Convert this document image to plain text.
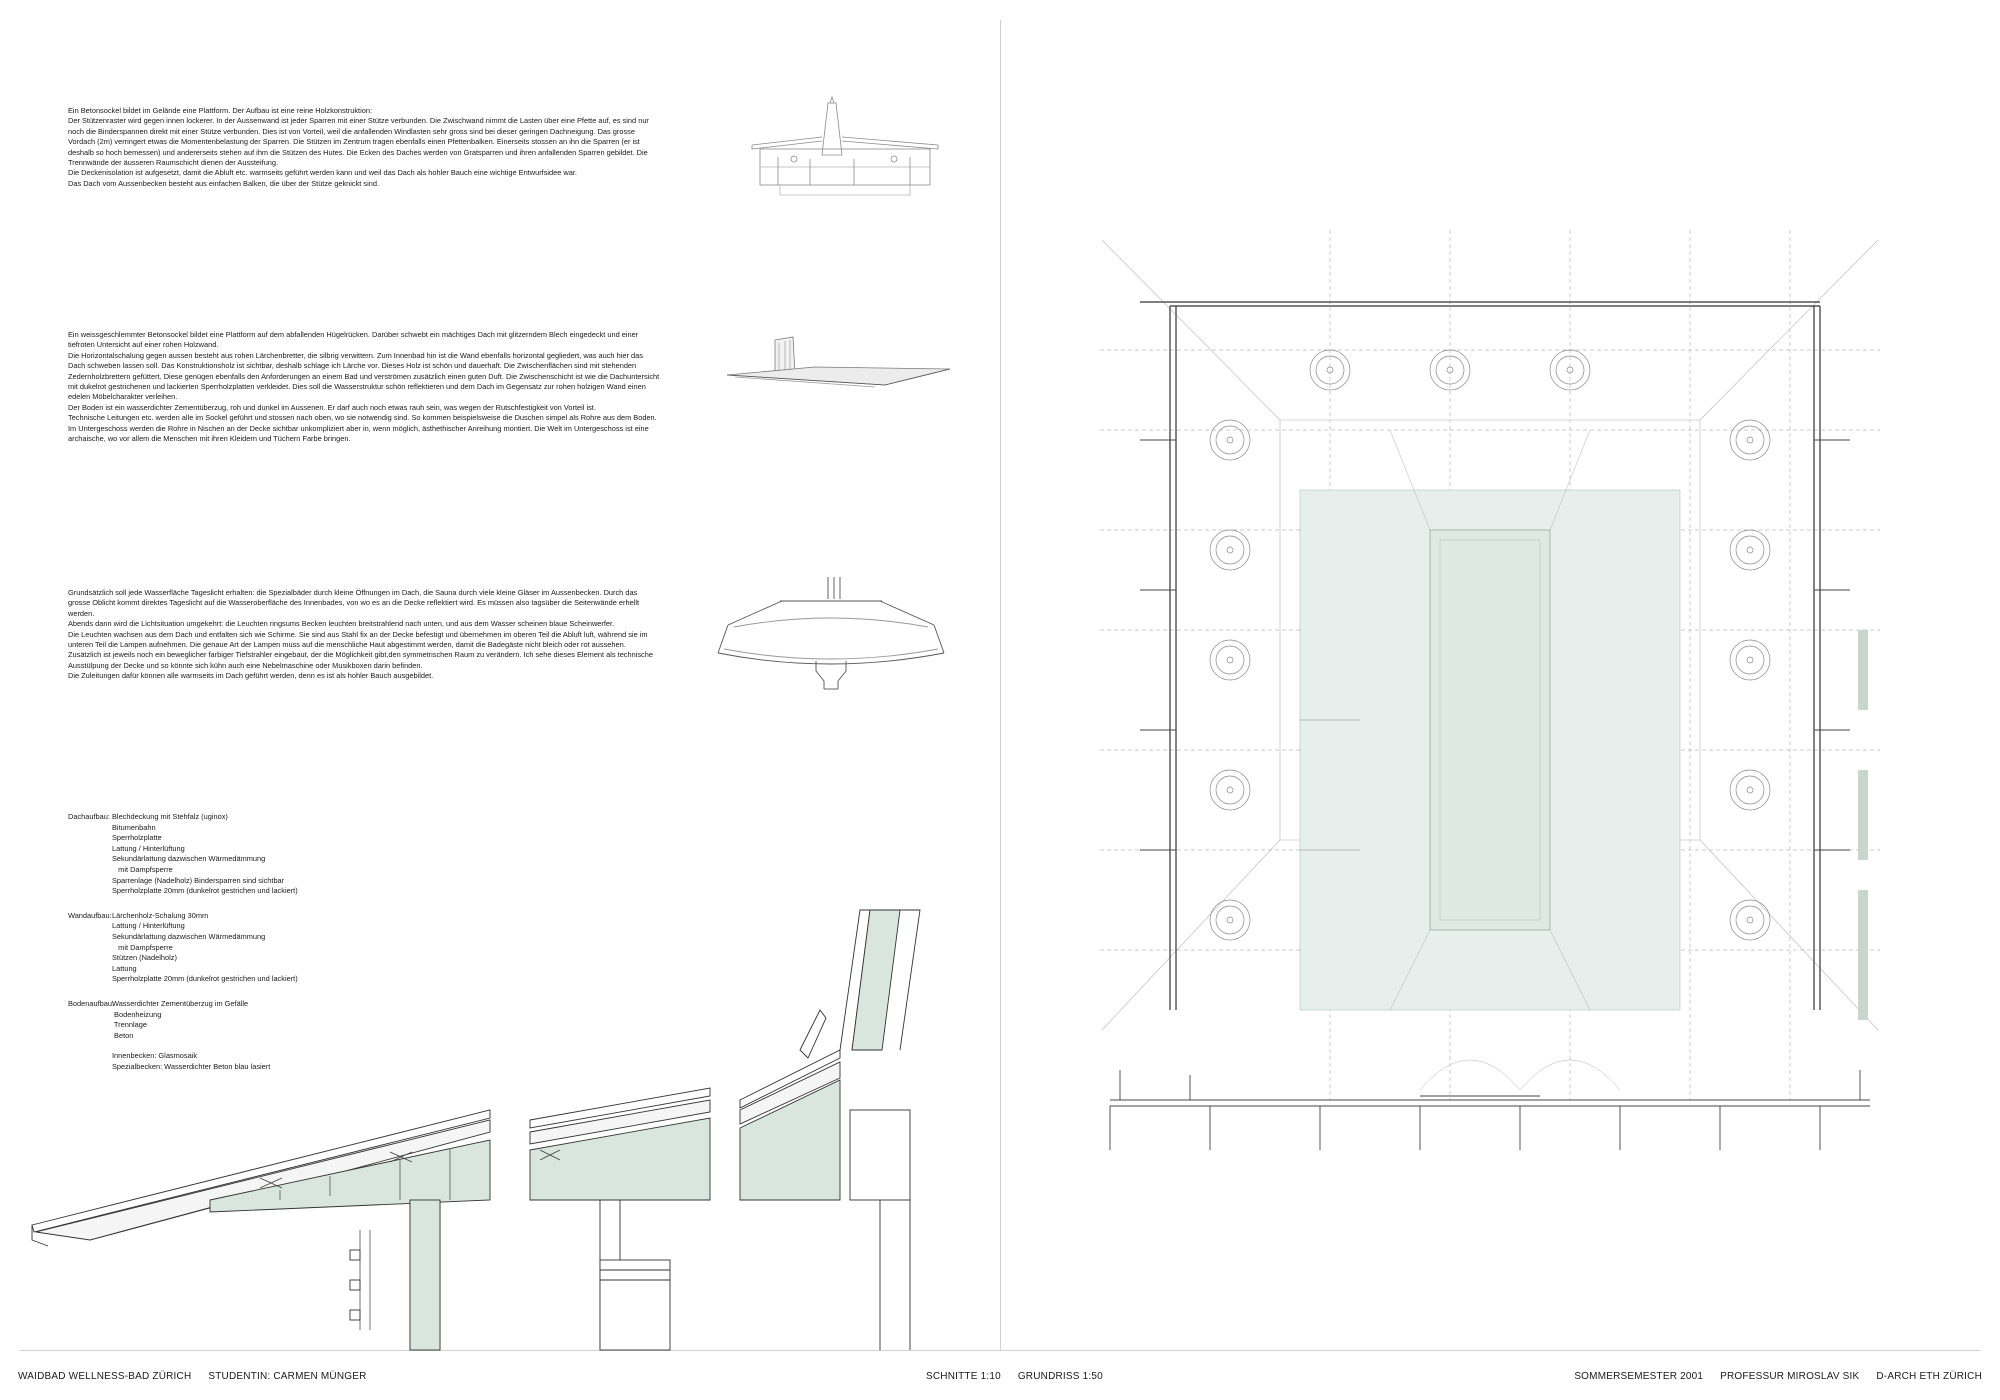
Ein Betonsockel bildet im Gelände eine Plattform. Der Aufbau ist eine reine Holzkonstruktion:

Der Stützenraster wird gegen innen lockerer. In der Aussenwand ist jeder Sparren mit einer Stütze verbunden. Die Zwischwand nimmt die Lasten über eine Pfette auf, es sind nur noch die Binderspannen direkt mit einer Stütze verbunden. Dies ist von Vorteil, weil die anfallenden Windlasten sehr gross sind bei dieser geringen Dachneigung. Das grosse Vordach (2m) verringert etwas die Momentenbelastung der Sparren. Die Stützen im Zentrum tragen ebenfalls einen Pfettenbalken. Einerseits stossen an ihn die Sparren (er ist deshalb so hoch bemessen) und andererseits stehen auf ihm die Stützen des Hutes. Die Ecken des Daches werden von Gratsparren und ihren anfallenden Sparren gebildet. Die Trennwände der äusseren Raumschicht dienen der Aussteifung.

Die Deckenisolation ist aufgesetzt, damit die Abluft etc. warmseits geführt werden kann und weil das Dach als hohler Bauch eine wichtige Entwurfsidee war.

Das Dach vom Aussenbecken besteht aus einfachen Balken, die über der Stütze geknickt sind.

Ein weissgeschlemmter Betonsockel bildet eine Plattform auf dem abfallenden Hügelrücken. Darüber schwebt ein mächtiges Dach mit glitzerndem Blech eingedeckt und einer tiefroten Untersicht auf einer rohen Holzwand.

Die Horizontalschalung gegen aussen besteht aus rohen Lärchenbretter, die silbrig verwittern. Zum Innenbad hin ist die Wand ebenfalls horizontal gegliedert, was auch hier das Dach schweben lassen soll. Das Konstruktionsholz ist sichtbar, deshalb schlage ich Lärche vor. Dieses Holz ist schön und dauerhaft. Die Zwischenflächen sind mit stehenden Zedernholzbrettern gefüttert. Diese genügen ebenfalls den Anforderungen an einem Bad und verströmen zusätzlich einen guten Duft. Die Zwischenschicht ist wie die Dachuntersicht mit dukelrot gestrichenen und lackierten Sperrholzplatten verkleidet. Dies soll die Wasserstruktur schön reflektieren und dem Dach im Gegensatz zur rohen holzigen Wand einen edelen Möbelcharakter verleihen.

Der Boden ist ein wasserdichter Zementüberzug, roh und dunkel im Aussenen. Er darf auch noch etwas rauh sein, was wegen der Rutschfestigkeit von Vorteil ist.

Technische Leitungen etc. werden alle im Sockel geführt und stossen nach oben, wo sie notwendig sind. So kommen beispielsweise die Duschen simpel als Rohre aus dem Boden. Im Untergeschoss werden die Rohre in Nischen an der Decke sichtbar unkompliziert aber in, wenn möglich, ästhethischer Anreihung montiert. Die Welt im Untergeschoss ist eine archaische, wo vor allem die Menschen mit ihren Kleidern und Tüchern Farbe bringen.

Grundsätzlich soll jede Wasserfläche Tageslicht erhalten: die Spezialbäder durch kleine Öffnungen im Dach, die Sauna durch viele kleine Gläser im Aussenbecken. Durch das grosse Oblicht kommt direktes Tageslicht auf die Wasseroberfläche des Innenbades, von wo es an die Decke reflektiert wird. Es müssen also tagsüber die Seitenwände erhellt werden.

Abends dann wird die Lichtsituation umgekehrt: die Leuchten ringsums Becken leuchten breitstrahlend nach unten, und aus dem Wasser scheinen blaue Scheinwerfer.

Die Leuchten wachsen aus dem Dach und entfalten sich wie Schirme. Sie sind aus Stahl fix an der Decke befestigt und übernehmen im oberen Teil die Abluft luft, während sie im unteren Teil die Lampen aufnehmen. Die genaue Art der Lampen muss auf die menschliche Haut abgestimmt werden, damit die Badegäste nicht bleich oder rot aussehen. Zusätzlich ist jeweils noch ein beweglicher farbiger Tiefstrahler eingebaut, der die Möglichkeit gibt,den symmetrischen Raum zu verändern. Ich sehe dieses Element als technische Ausstülpung der Decke und so könnte sich kühn auch eine Nebelmaschine oder Musikboxen darin befinden.

Die Zuleitungen dafür können alle warmseits im Dach geführt werden, denn es ist als hohler Bauch ausgebildet.

Dachaufbau: Blechdeckung mit Stehfalz (uginox)
Bitumenbahn
Sperrholzplatte
Lattung / Hinterlüftung
Sekundärlattung dazwischen Wärmedämmung
mit Dampfsperre
Sparrenlage (Nadelholz) Bindersparren sind sichtbar
Sperrholzplatte 20mm (dunkelrot gestrichen und lackiert)
Wandaufbau: Lärchenholz-Schalung 30mm
Lattung / Hinterlüftung
Sekundärlattung dazwischen Wärmedämmung
mit Dampfsperre
Stützen (Nadelholz)
Lattung
Sperrholzplatte 20mm (dunkelrot gestrichen und lackiert)
Bodenaufbau:
Wasserdichter Zementüberzug im Gefälle
Bodenheizung
Trennlage
Beton
Innenbecken: Glasmosaik
Spezialbecken: Wasserdichter Beton blau lasiert
WAIDBAD WELLNESS-BAD ZÜRICH STUDENTIN: CARMEN MÜNGER	SCHNITTE 1:10 GRUNDRISS 1:50	SOMMERSEMESTER 2001 PROFESSUR MIROSLAV SIK D-ARCH ETH ZÜRICH
